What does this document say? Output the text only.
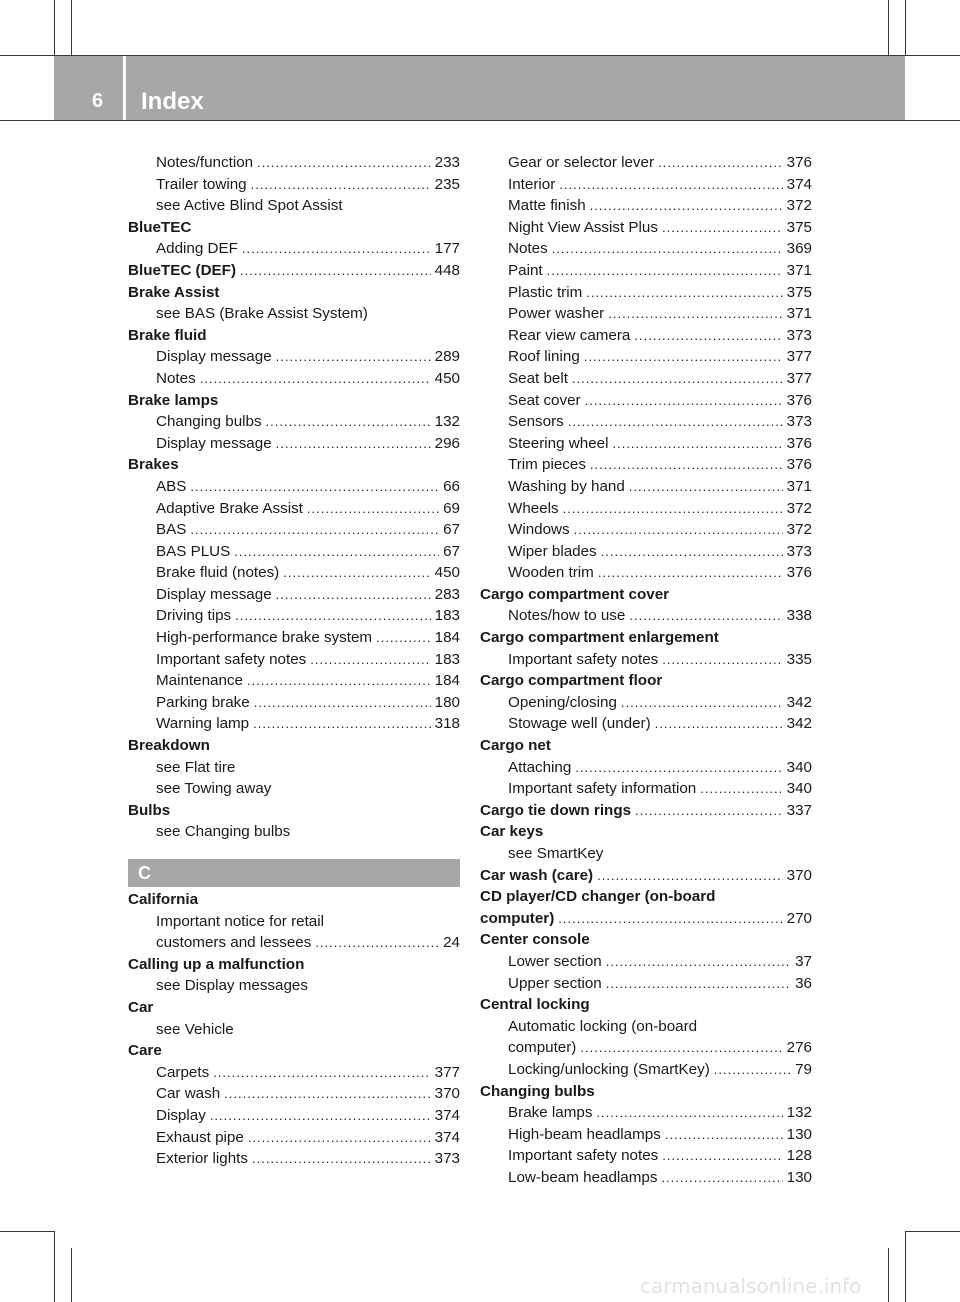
6 Index
Notes/function .....	233
Trailer towing .....	235
see Active Blind Spot Assist
BlueTEC
Adding DEF .....	177
BlueTEC (DEF) .....	448
Brake Assist
see BAS (Brake Assist System)
Brake fluid
Display message .....	289
Notes .....	450
Brake lamps
Changing bulbs .....	132
Display message .....	296
Brakes
ABS .....	66
Adaptive Brake Assist .....	69
BAS .....	67
BAS PLUS .....	67
Brake fluid (notes) .....	450
Display message .....	283
Driving tips .....	183
High-performance brake system .....	184
Important safety notes .....	183
Maintenance .....	184
Parking brake .....	180
Warning lamp .....	318
Breakdown
see Flat tire
see Towing away
Bulbs
see Changing bulbs
C
California
Important notice for retail
customers and lessees .....	24
Calling up a malfunction
see Display messages
Car
see Vehicle
Care
Carpets .....	377
Car wash .....	370
Display .....	374
Exhaust pipe .....	374
Exterior lights .....	373
Gear or selector lever .....	376
Interior .....	374
Matte finish .....	372
Night View Assist Plus .....	375
Notes .....	369
Paint .....	371
Plastic trim .....	375
Power washer .....	371
Rear view camera .....	373
Roof lining .....	377
Seat belt .....	377
Seat cover .....	376
Sensors .....	373
Steering wheel .....	376
Trim pieces .....	376
Washing by hand .....	371
Wheels .....	372
Windows .....	372
Wiper blades .....	373
Wooden trim .....	376
Cargo compartment cover
Notes/how to use .....	338
Cargo compartment enlargement
Important safety notes .....	335
Cargo compartment floor
Opening/closing .....	342
Stowage well (under) .....	342
Cargo net
Attaching .....	340
Important safety information .....	340
Cargo tie down rings .....	337
Car keys
see SmartKey
Car wash (care) .....	370
CD player/CD changer (on-board
computer) .....	270
Center console
Lower section .....	37
Upper section .....	36
Central locking
Automatic locking (on-board
computer) .....	276
Locking/unlocking (SmartKey) .....	79
Changing bulbs
Brake lamps .....	132
High-beam headlamps .....	130
Important safety notes .....	128
Low-beam headlamps .....	130
carmanualsonline.info
